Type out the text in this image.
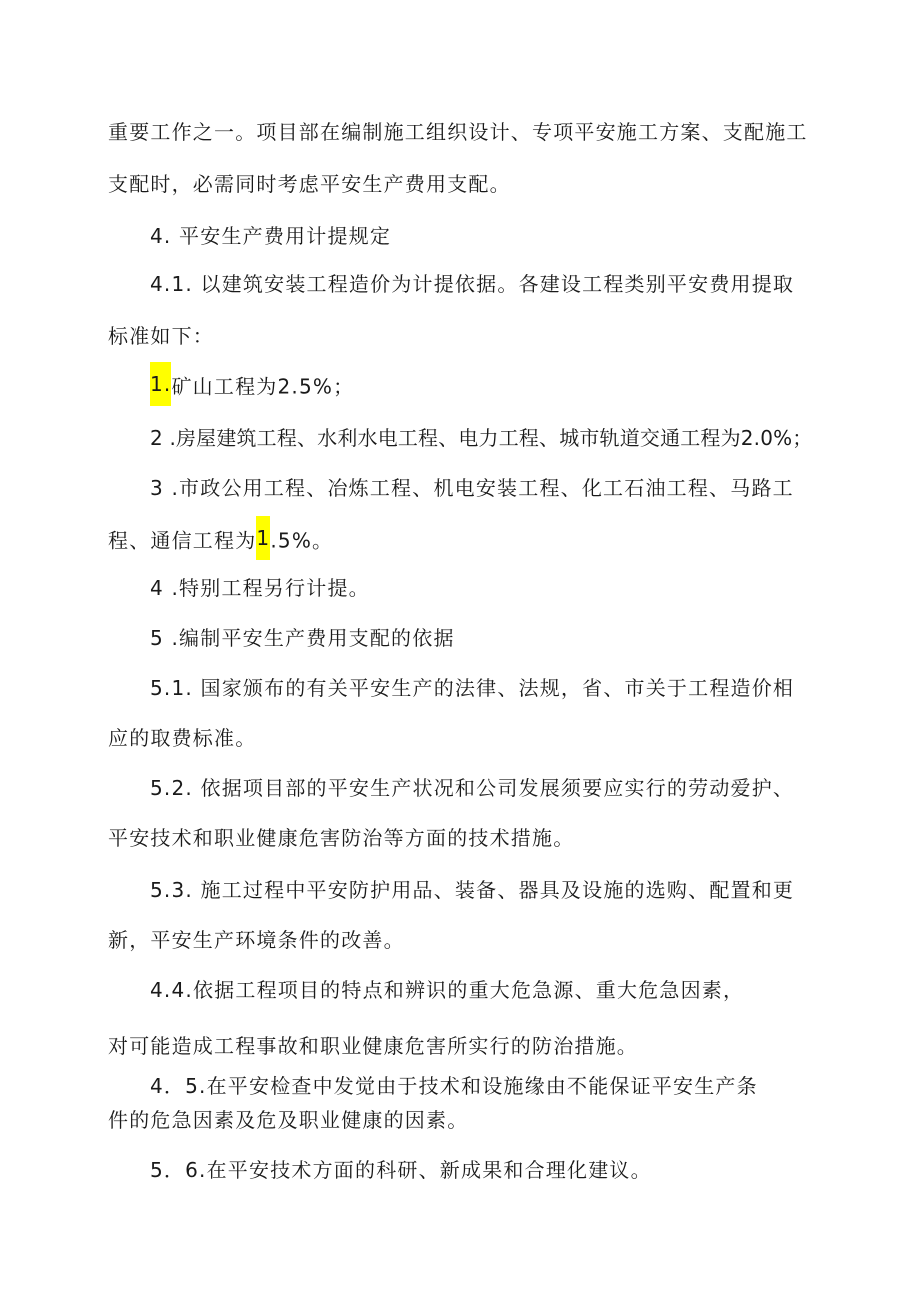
重要工作之一。项目部在编制施工组织设计、专项平安施工方案、支配施工
支配时，必需同时考虑平安生产费用支配。
4. 平安生产费用计提规定
4.1. 以建筑安装工程造价为计提依据。各建设工程类别平安费用提取
标准如下：
1.矿山工程为2.5%；
2 .房屋建筑工程、水利水电工程、电力工程、城市轨道交通工程为2.0%；
3 .市政公用工程、冶炼工程、机电安装工程、化工石油工程、马路工
程、通信工程为1.5%。
4 .特别工程另行计提。
5 .编制平安生产费用支配的依据
5.1. 国家颁布的有关平安生产的法律、法规，省、市关于工程造价相
应的取费标准。
5.2. 依据项目部的平安生产状况和公司发展须要应实行的劳动爱护、
平安技术和职业健康危害防治等方面的技术措施。
5.3. 施工过程中平安防护用品、装备、器具及设施的选购、配置和更
新，平安生产环境条件的改善。
4.4.依据工程项目的特点和辨识的重大危急源、重大危急因素，
对可能造成工程事故和职业健康危害所实行的防治措施。
4．5.在平安检查中发觉由于技术和设施缘由不能保证平安生产条
件的危急因素及危及职业健康的因素。
5．6.在平安技术方面的科研、新成果和合理化建议。
